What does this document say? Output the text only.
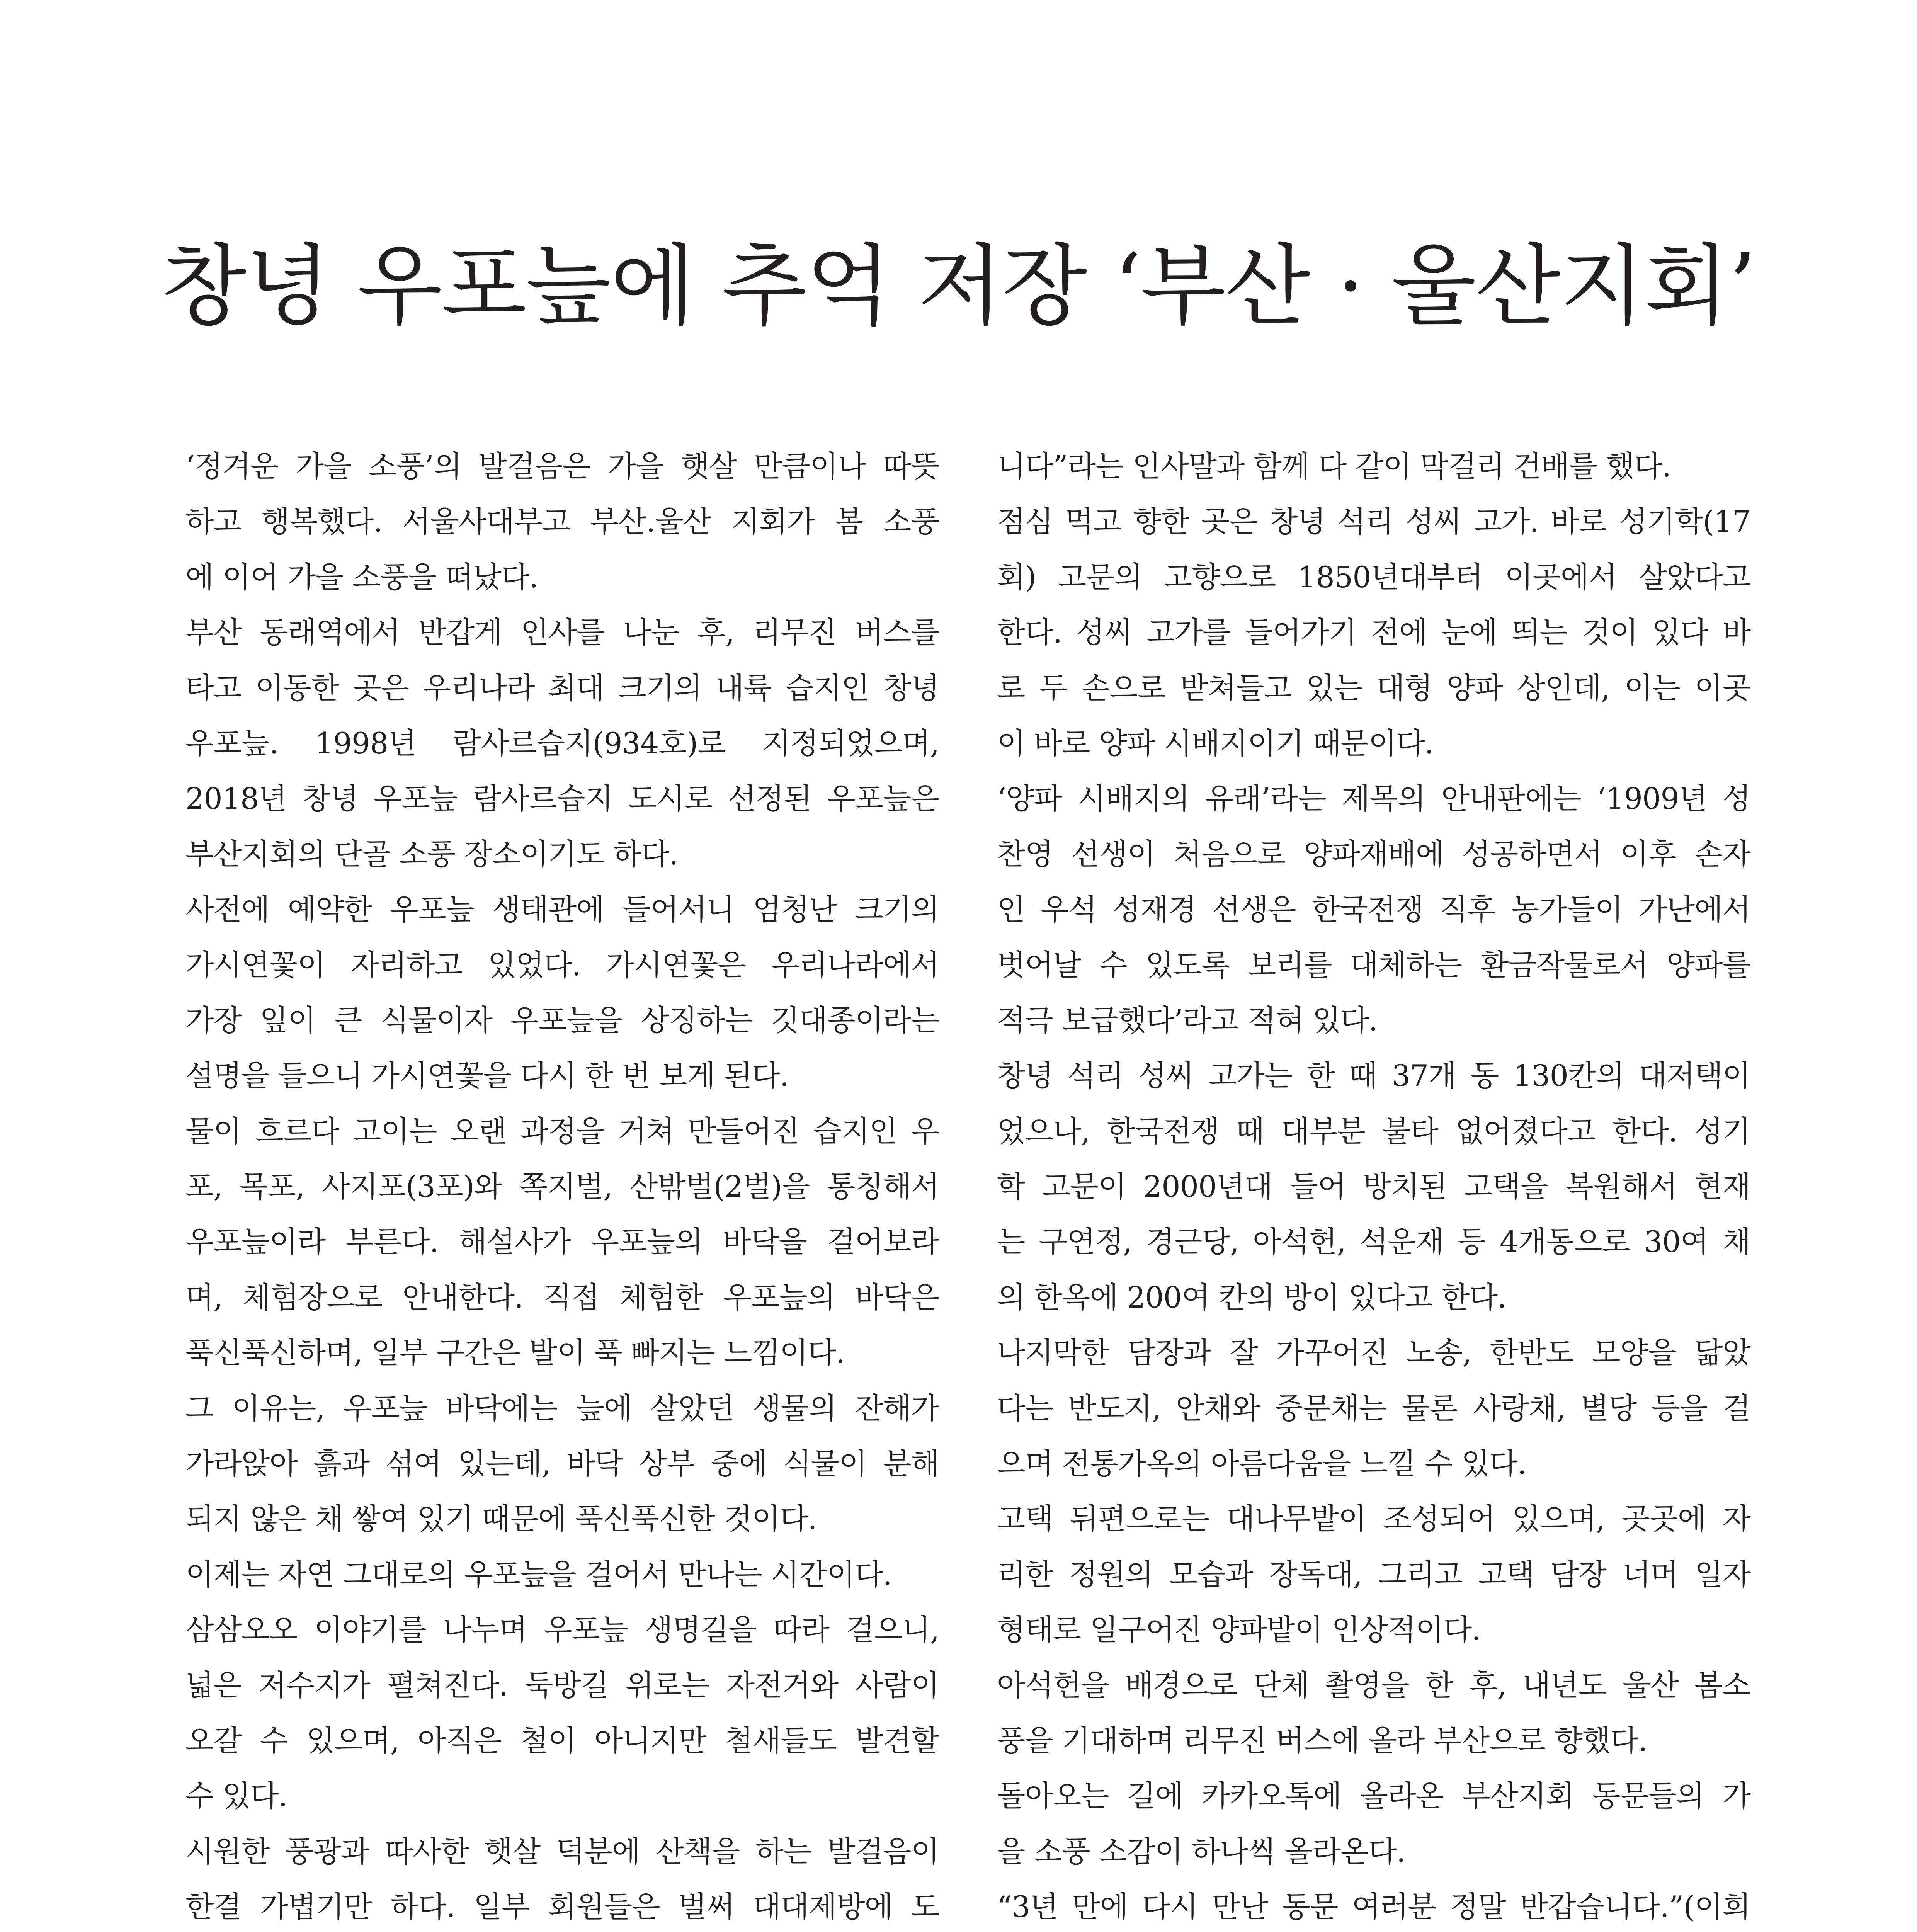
창녕 우포늪에 추억 저장 ‘부산 · 울산지회’
‘정겨운 가을 소풍’의 발걸음은 가을 햇살 만큼이나 따뜻
하고 행복했다. 서울사대부고 부산.울산 지회가 봄 소풍
에 이어 가을 소풍을 떠났다.
부산 동래역에서 반갑게 인사를 나눈 후, 리무진 버스를
타고 이동한 곳은 우리나라 최대 크기의 내륙 습지인 창녕
우포늪. 1998년 람사르습지(934호)로 지정되었으며,
2018년 창녕 우포늪 람사르습지 도시로 선정된 우포늪은
부산지회의 단골 소풍 장소이기도 하다.
사전에 예약한 우포늪 생태관에 들어서니 엄청난 크기의
가시연꽃이 자리하고 있었다. 가시연꽃은 우리나라에서
가장 잎이 큰 식물이자 우포늪을 상징하는 깃대종이라는
설명을 들으니 가시연꽃을 다시 한 번 보게 된다.
물이 흐르다 고이는 오랜 과정을 거쳐 만들어진 습지인 우
포, 목포, 사지포(3포)와 쪽지벌, 산밖벌(2벌)을 통칭해서
우포늪이라 부른다. 해설사가 우포늪의 바닥을 걸어보라
며, 체험장으로 안내한다. 직접 체험한 우포늪의 바닥은
푹신푹신하며, 일부 구간은 발이 푹 빠지는 느낌이다.
그 이유는, 우포늪 바닥에는 늪에 살았던 생물의 잔해가
가라앉아 흙과 섞여 있는데, 바닥 상부 중에 식물이 분해
되지 않은 채 쌓여 있기 때문에 푹신푹신한 것이다.
이제는 자연 그대로의 우포늪을 걸어서 만나는 시간이다.
삼삼오오 이야기를 나누며 우포늪 생명길을 따라 걸으니,
넓은 저수지가 펼쳐진다. 둑방길 위로는 자전거와 사람이
오갈 수 있으며, 아직은 철이 아니지만 철새들도 발견할
수 있다.
시원한 풍광과 따사한 햇살 덕분에 산책을 하는 발걸음이
한결 가볍기만 하다. 일부 회원들은 벌써 대대제방에 도
니다”라는 인사말과 함께 다 같이 막걸리 건배를 했다.
점심 먹고 향한 곳은 창녕 석리 성씨 고가. 바로 성기학(17
회) 고문의 고향으로 1850년대부터 이곳에서 살았다고
한다. 성씨 고가를 들어가기 전에 눈에 띄는 것이 있다 바
로 두 손으로 받쳐들고 있는 대형 양파 상인데, 이는 이곳
이 바로 양파 시배지이기 때문이다.
‘양파 시배지의 유래’라는 제목의 안내판에는 ‘1909년 성
찬영 선생이 처음으로 양파재배에 성공하면서 이후 손자
인 우석 성재경 선생은 한국전쟁 직후 농가들이 가난에서
벗어날 수 있도록 보리를 대체하는 환금작물로서 양파를
적극 보급했다’라고 적혀 있다.
창녕 석리 성씨 고가는 한 때 37개 동 130칸의 대저택이
었으나, 한국전쟁 때 대부분 불타 없어졌다고 한다. 성기
학 고문이 2000년대 들어 방치된 고택을 복원해서 현재
는 구연정, 경근당, 아석헌, 석운재 등 4개동으로 30여 채
의 한옥에 200여 칸의 방이 있다고 한다.
나지막한 담장과 잘 가꾸어진 노송, 한반도 모양을 닮았
다는 반도지, 안채와 중문채는 물론 사랑채, 별당 등을 걸
으며 전통가옥의 아름다움을 느낄 수 있다.
고택 뒤편으로는 대나무밭이 조성되어 있으며, 곳곳에 자
리한 정원의 모습과 장독대, 그리고 고택 담장 너머 일자
형태로 일구어진 양파밭이 인상적이다.
아석헌을 배경으로 단체 촬영을 한 후, 내년도 울산 봄소
풍을 기대하며 리무진 버스에 올라 부산으로 향했다.
돌아오는 길에 카카오톡에 올라온 부산지회 동문들의 가
을 소풍 소감이 하나씩 올라온다.
“3년 만에 다시 만난 동문 여러분 정말 반갑습니다.”(이희
